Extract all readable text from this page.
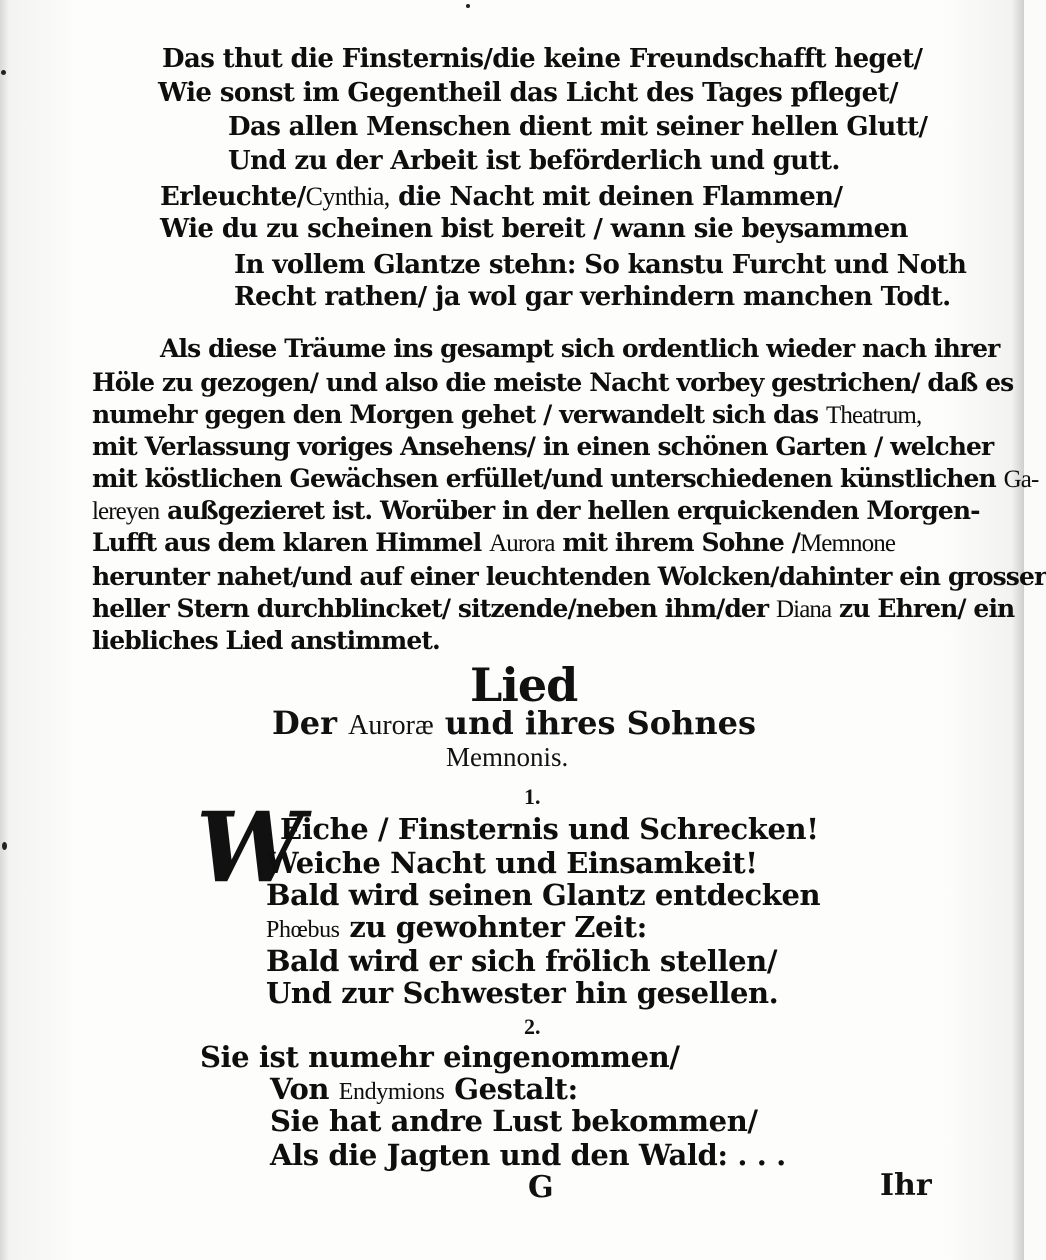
Das thut die Finsternis/die keine Freundschafft heget/
Wie sonst im Gegentheil das Licht des Tages pfleget/
Das allen Menschen dient mit seiner hellen Glutt/
Und zu der Arbeit ist beförderlich und gutt.
Erleuchte/Cynthia, die Nacht mit deinen Flammen/
Wie du zu scheinen bist bereit / wann sie beysammen
In vollem Glantze stehn: So kanstu Furcht und Noth
Recht rathen/ ja wol gar verhindern manchen Todt.
Als diese Träume ins gesampt sich ordentlich wieder nach ihrer
Höle zu gezogen/ und also die meiste Nacht vorbey gestrichen/ daß es
numehr gegen den Morgen gehet / verwandelt sich das Theatrum,
mit Verlassung voriges Ansehens/ in einen schönen Garten / welcher
mit köstlichen Gewächsen erfüllet/und unterschiedenen künstlichen Ga-
lereyen außgezieret ist. Worüber in der hellen erquickenden Morgen-
Lufft aus dem klaren Himmel Aurora mit ihrem Sohne /Memnone
herunter nahet/und auf einer leuchtenden Wolcken/dahinter ein grosser
heller Stern durchblincket/ sitzende/neben ihm/der Diana zu Ehren/ ein
liebliches Lied anstimmet.
Lied
Der Auroræ und ihres Sohnes
Memnonis.
1.
W
Eiche / Finsternis und Schrecken!
Weiche Nacht und Einsamkeit!
Bald wird seinen Glantz entdecken
Phœbus zu gewohnter Zeit:
Bald wird er sich frölich stellen/
Und zur Schwester hin gesellen.
2.
Sie ist numehr eingenommen/
Von Endymions Gestalt:
Sie hat andre Lust bekommen/
Als die Jagten und den Wald: . . .
G	Ihr
